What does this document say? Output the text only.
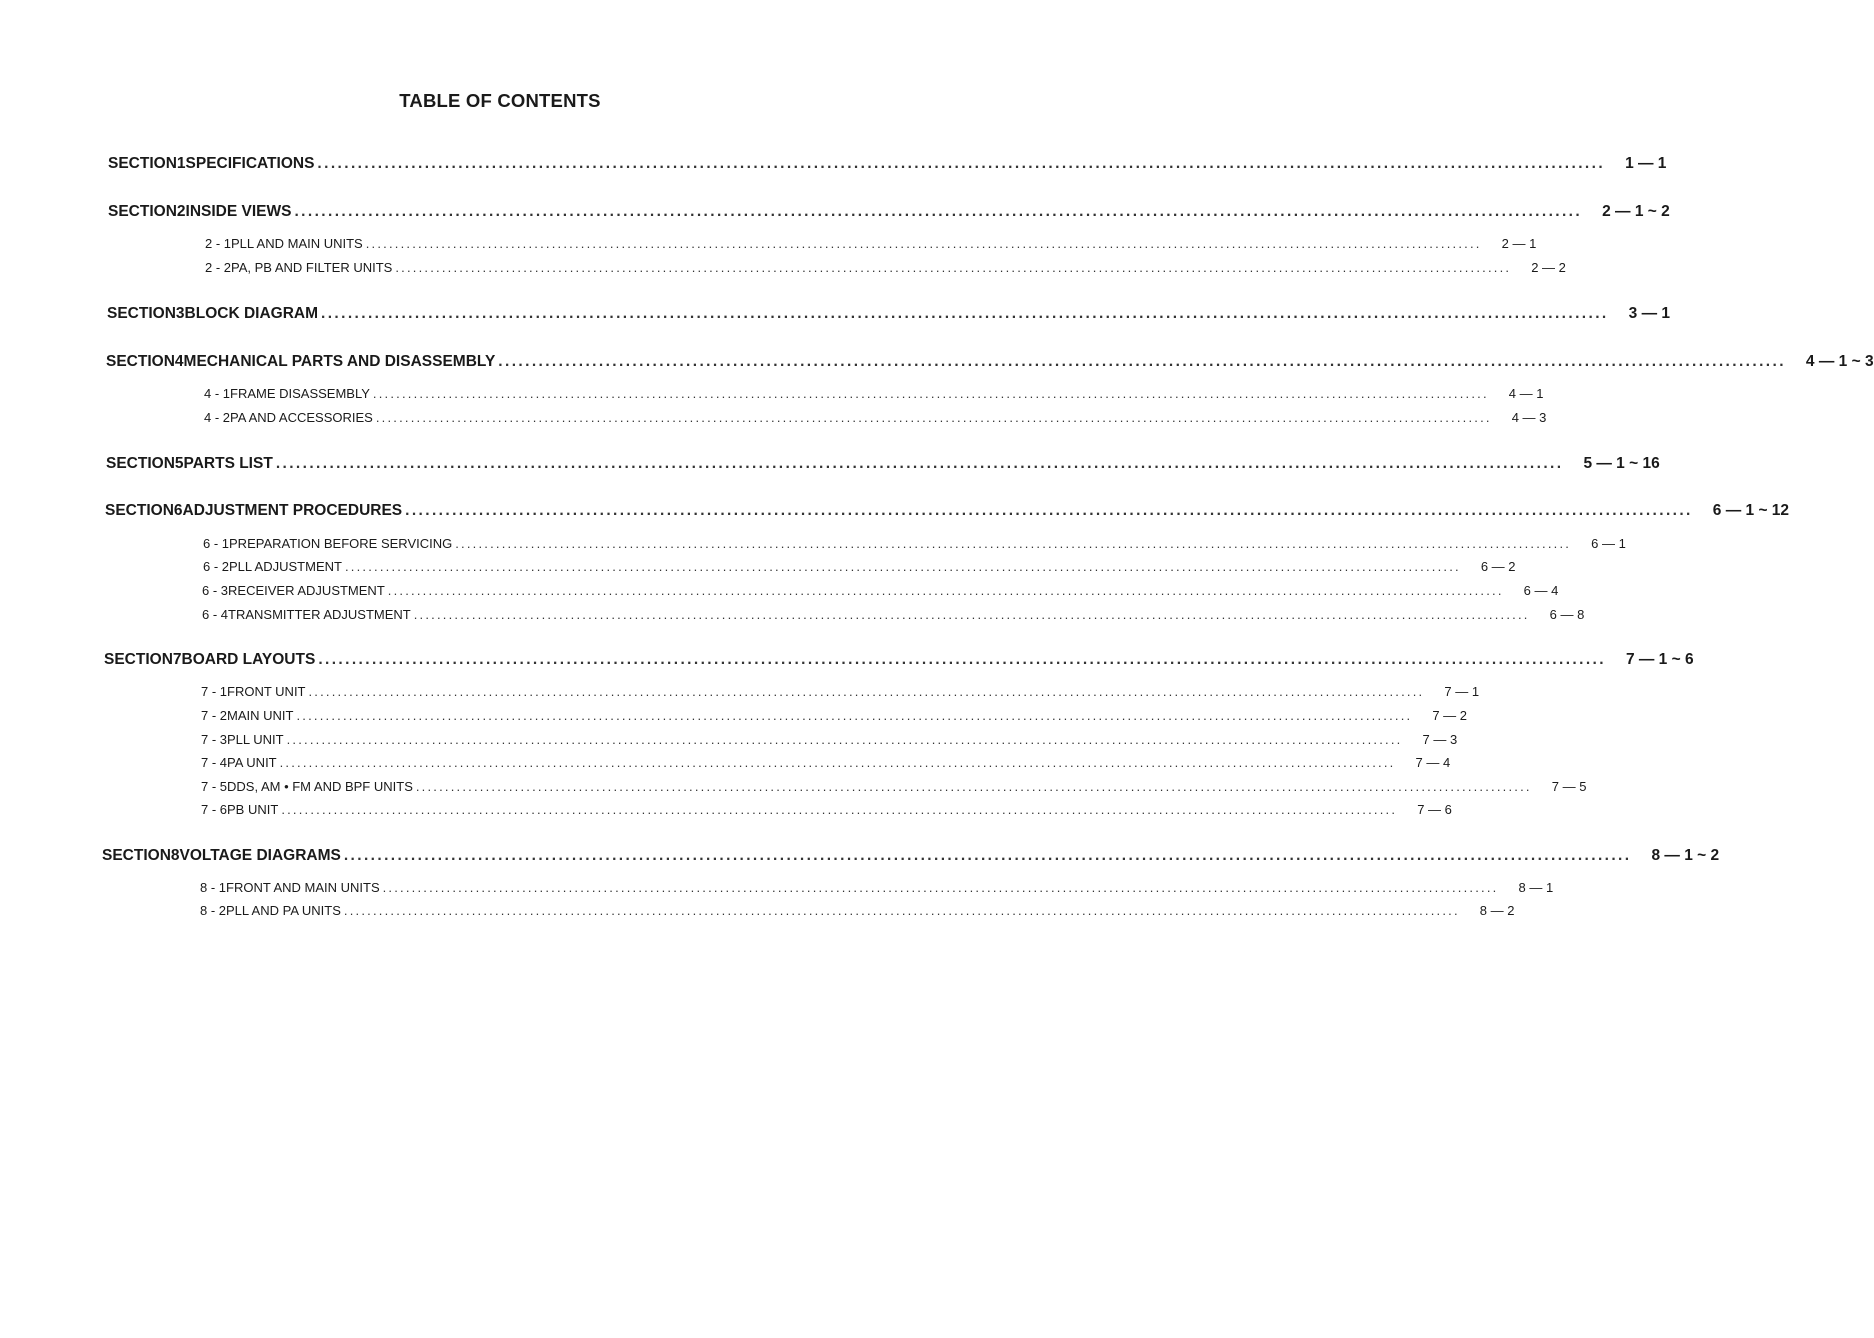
TABLE OF CONTENTS
SECTION 1 SPECIFICATIONS ................................................................................................................................................................................................ 1 — 1
SECTION 2 INSIDE VIEWS ................................................................................................................................................................................................ 2 — 1 ~ 2
2 - 1 PLL AND MAIN UNITS ................................................................................................................................................................................................ 2 — 1
2 - 2 PA, PB AND FILTER UNITS ................................................................................................................................................................................................ 2 — 2
SECTION 3 BLOCK DIAGRAM ................................................................................................................................................................................................ 3 — 1
SECTION 4 MECHANICAL PARTS AND DISASSEMBLY ................................................................................................................................................................................................ 4 — 1 ~ 3
4 - 1 FRAME DISASSEMBLY ................................................................................................................................................................................................ 4 — 1
4 - 2 PA AND ACCESSORIES ................................................................................................................................................................................................ 4 — 3
SECTION 5 PARTS LIST ................................................................................................................................................................................................ 5 — 1 ~ 16
SECTION 6 ADJUSTMENT PROCEDURES ................................................................................................................................................................................................ 6 — 1 ~ 12
6 - 1 PREPARATION BEFORE SERVICING ................................................................................................................................................................................................ 6 — 1
6 - 2 PLL ADJUSTMENT ................................................................................................................................................................................................ 6 — 2
6 - 3 RECEIVER ADJUSTMENT ................................................................................................................................................................................................ 6 — 4
6 - 4 TRANSMITTER ADJUSTMENT ................................................................................................................................................................................................ 6 — 8
SECTION 7 BOARD LAYOUTS ................................................................................................................................................................................................ 7 — 1 ~ 6
7 - 1 FRONT UNIT ................................................................................................................................................................................................ 7 — 1
7 - 2 MAIN UNIT ................................................................................................................................................................................................ 7 — 2
7 - 3 PLL UNIT ................................................................................................................................................................................................ 7 — 3
7 - 4 PA UNIT ................................................................................................................................................................................................ 7 — 4
7 - 5 DDS, AM • FM AND BPF UNITS ................................................................................................................................................................................................ 7 — 5
7 - 6 PB UNIT ................................................................................................................................................................................................ 7 — 6
SECTION 8 VOLTAGE DIAGRAMS ................................................................................................................................................................................................ 8 — 1 ~ 2
8 - 1 FRONT AND MAIN UNITS ................................................................................................................................................................................................ 8 — 1
8 - 2 PLL AND PA UNITS ................................................................................................................................................................................................ 8 — 2
